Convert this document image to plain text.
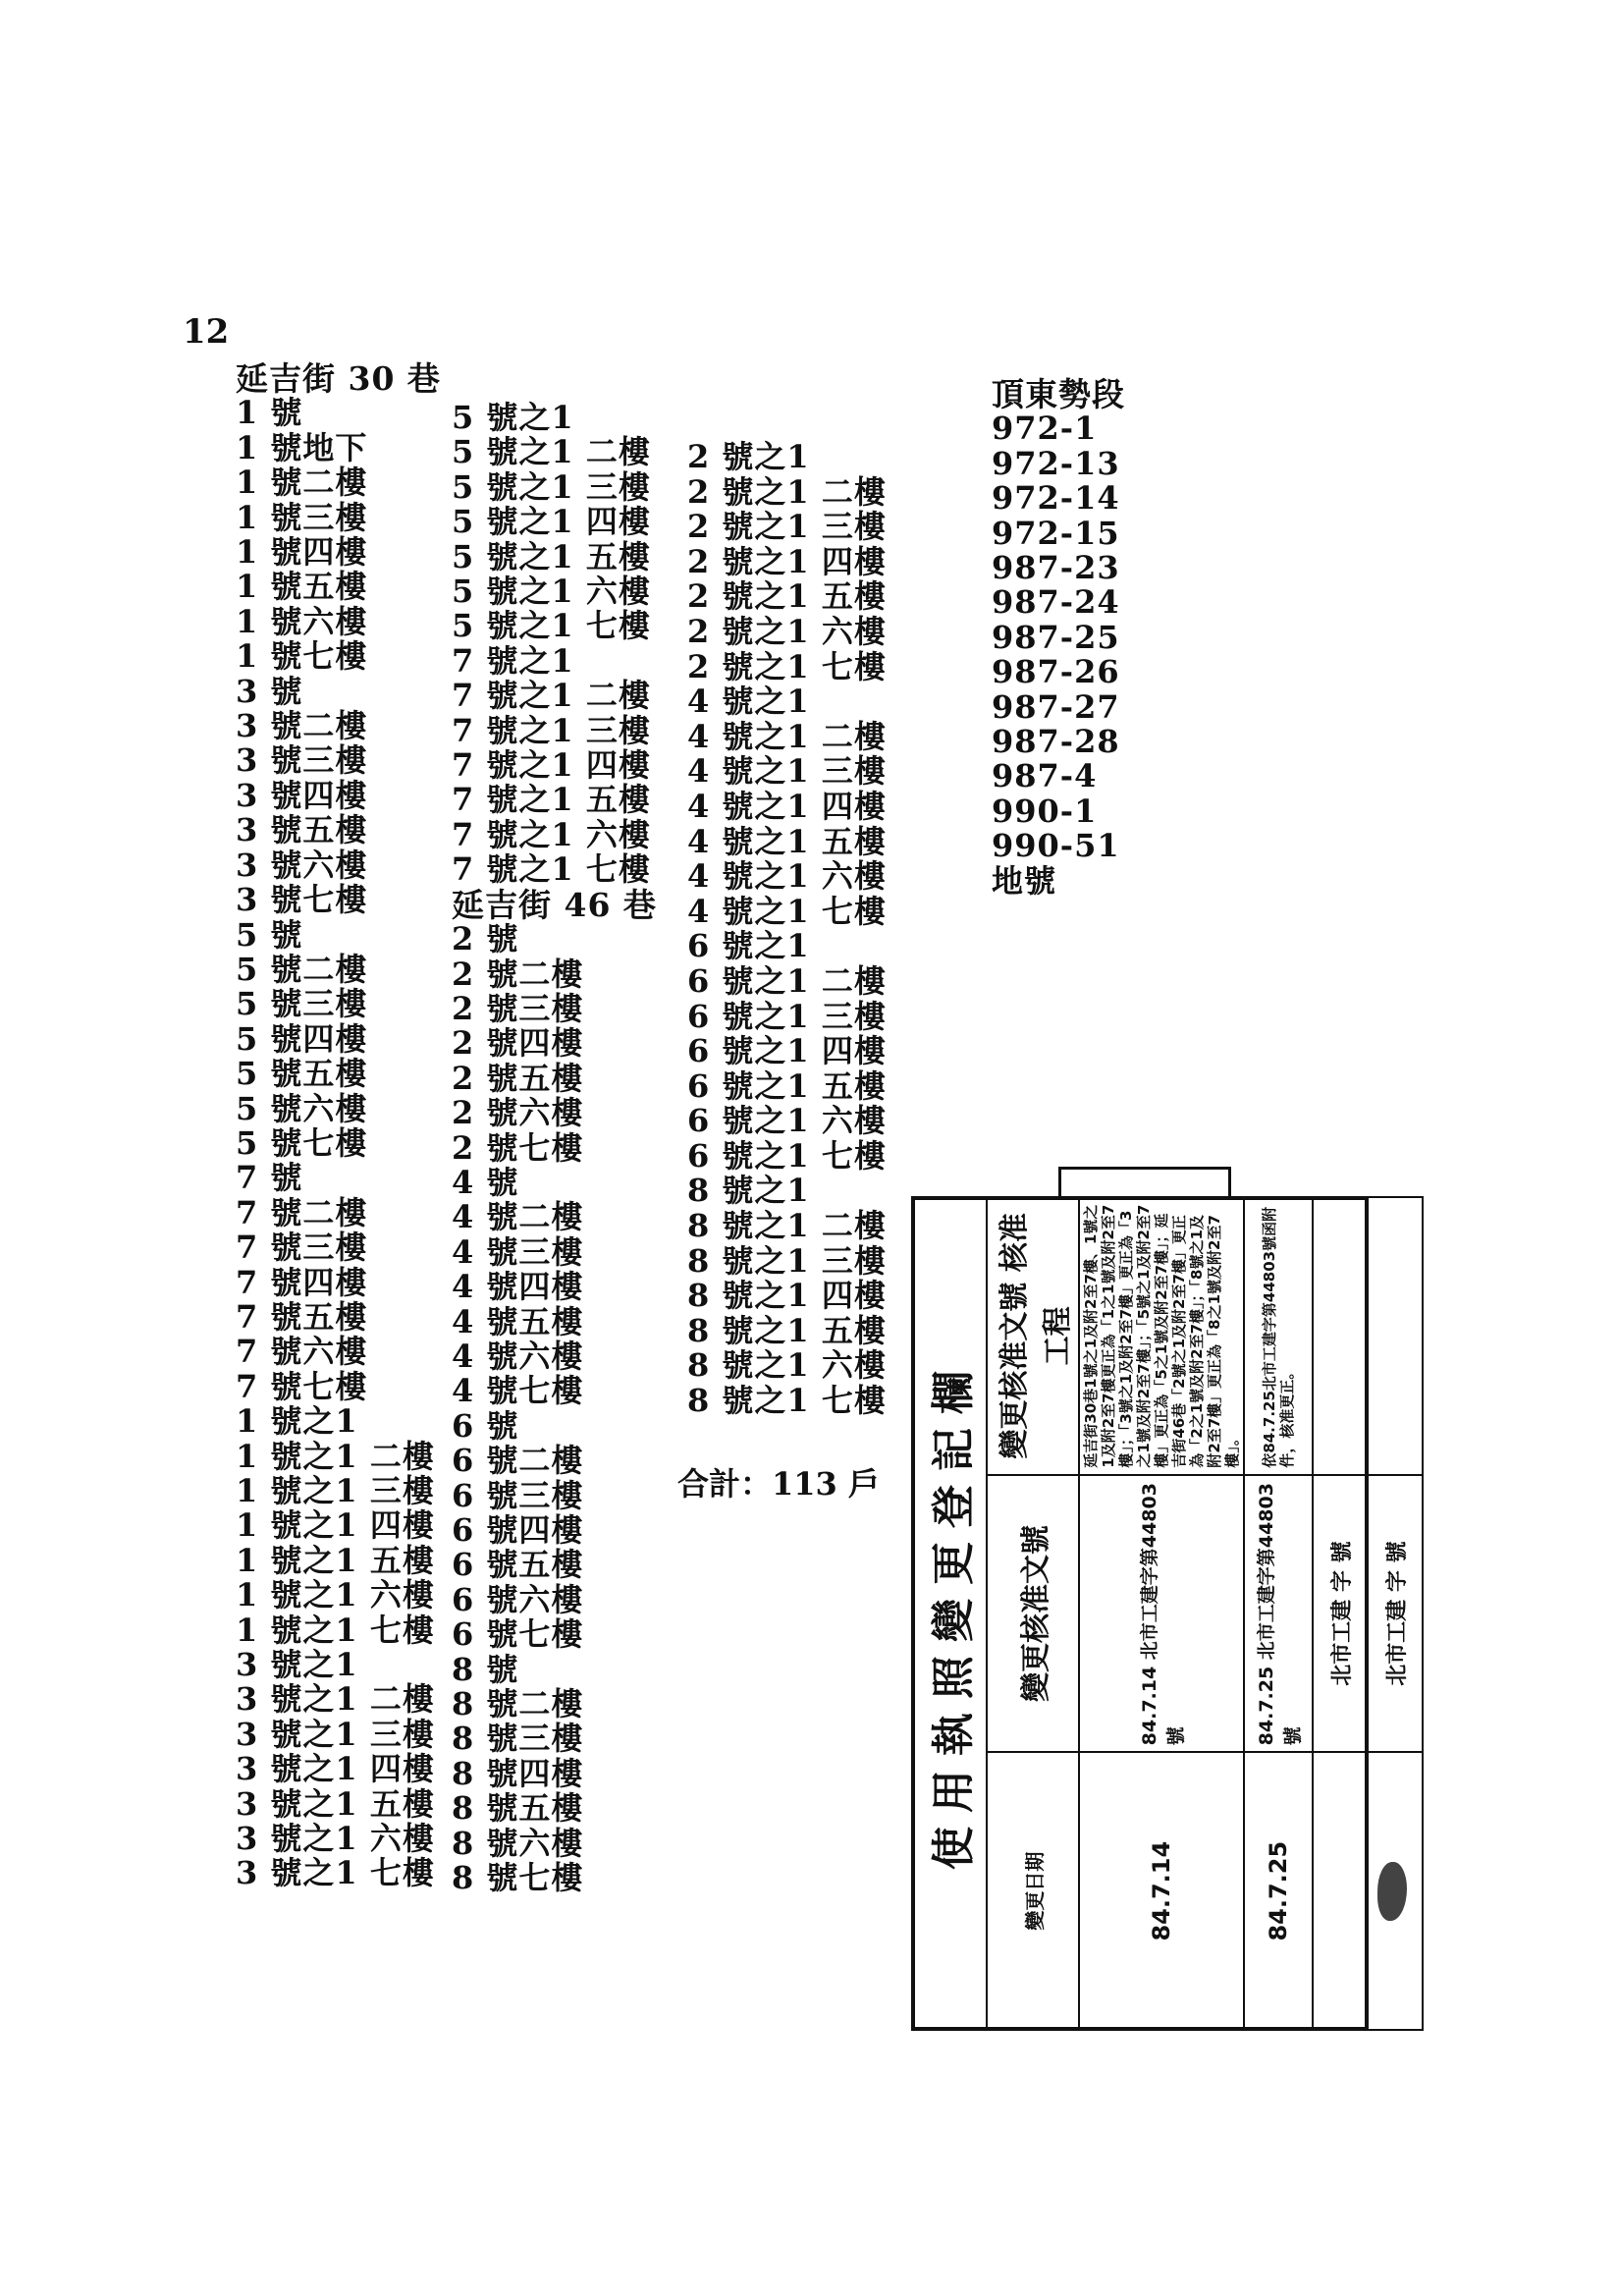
12
延吉街 30 巷
1 號
1 號地下
1 號二樓
1 號三樓
1 號四樓
1 號五樓
1 號六樓
1 號七樓
3 號
3 號二樓
3 號三樓
3 號四樓
3 號五樓
3 號六樓
3 號七樓
5 號
5 號二樓
5 號三樓
5 號四樓
5 號五樓
5 號六樓
5 號七樓
7 號
7 號二樓
7 號三樓
7 號四樓
7 號五樓
7 號六樓
7 號七樓
1 號之1
1 號之1 二樓
1 號之1 三樓
1 號之1 四樓
1 號之1 五樓
1 號之1 六樓
1 號之1 七樓
3 號之1
3 號之1 二樓
3 號之1 三樓
3 號之1 四樓
3 號之1 五樓
3 號之1 六樓
3 號之1 七樓
5 號之1
5 號之1 二樓
5 號之1 三樓
5 號之1 四樓
5 號之1 五樓
5 號之1 六樓
5 號之1 七樓
7 號之1
7 號之1 二樓
7 號之1 三樓
7 號之1 四樓
7 號之1 五樓
7 號之1 六樓
7 號之1 七樓
延吉街 46 巷
2 號
2 號二樓
2 號三樓
2 號四樓
2 號五樓
2 號六樓
2 號七樓
4 號
4 號二樓
4 號三樓
4 號四樓
4 號五樓
4 號六樓
4 號七樓
6 號
6 號二樓
6 號三樓
6 號四樓
6 號五樓
6 號六樓
6 號七樓
8 號
8 號二樓
8 號三樓
8 號四樓
8 號五樓
8 號六樓
8 號七樓
2 號之1
2 號之1 二樓
2 號之1 三樓
2 號之1 四樓
2 號之1 五樓
2 號之1 六樓
2 號之1 七樓
4 號之1
4 號之1 二樓
4 號之1 三樓
4 號之1 四樓
4 號之1 五樓
4 號之1 六樓
4 號之1 七樓
6 號之1
6 號之1 二樓
6 號之1 三樓
6 號之1 四樓
6 號之1 五樓
6 號之1 六樓
6 號之1 七樓
8 號之1
8 號之1 二樓
8 號之1 三樓
8 號之1 四樓
8 號之1 五樓
8 號之1 六樓
8 號之1 七樓
合計：113 戶
頂東勢段
972-1
972-13
972-14
972-15
987-23
987-24
987-25
987-26
987-27
987-28
987-4
990-1
990-51
地號
使用執照變更登記欄		
變更日期	變更核准文號	變更核准文號 核准工程
84.7.14	84.7.14 北市工建字第44803號	延吉街30巷1號之1及附2至7樓、1號之1及附2至7樓更正為「1之1號及附2至7樓」；「3號之1及附2至7樓」更正為「3之1號及附2至7樓」；「5號之1及附2至7樓」更正為「5之1號及附2至7樓」；延吉街46巷「2號之1及附2至7樓」更正為「2之1號及附2至7樓」；「8號之1及附2至7樓」更正為「8之1號及附2至7樓」。
84.7.25	84.7.25 北市工建字第44803號	依84.7.25北市工建字第44803號函附件，核准更正。
	北市工建 字 號	
	北市工建 字 號	
